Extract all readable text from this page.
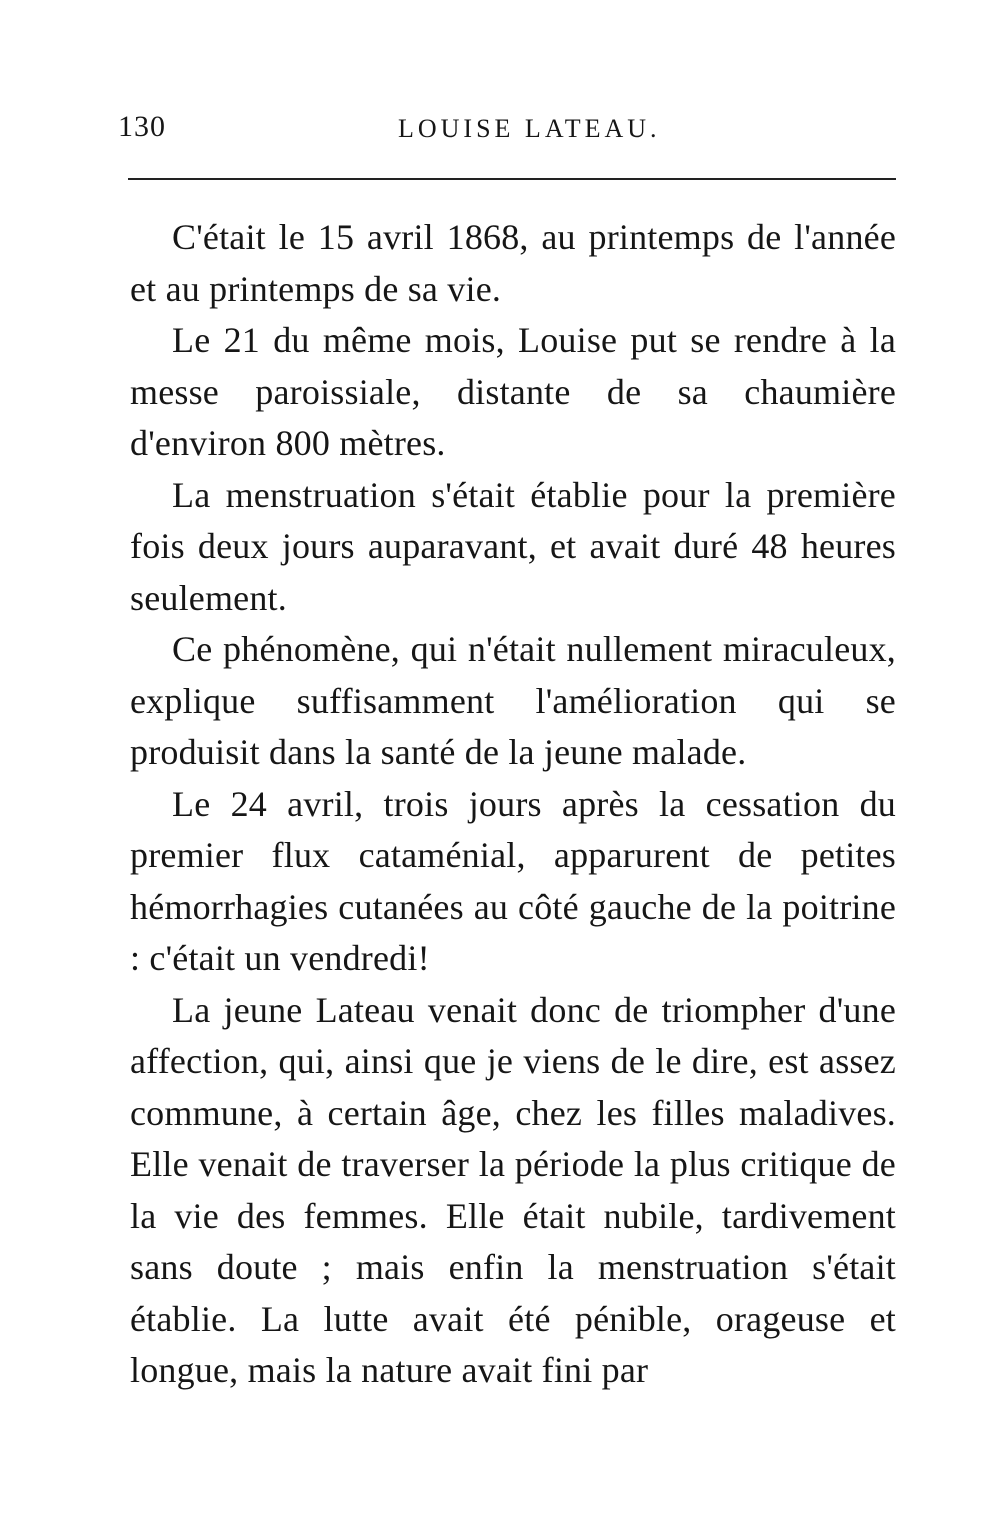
130	LOUISE LATEAU.

C'était le 15 avril 1868, au printemps de l'année et au printemps de sa vie.

Le 21 du même mois, Louise put se rendre à la messe paroissiale, distante de sa chaumière d'environ 800 mètres.

La menstruation s'était établie pour la première fois deux jours auparavant, et avait duré 48 heures seulement.

Ce phénomène, qui n'était nullement miraculeux, explique suffisamment l'amélioration qui se produisit dans la santé de la jeune malade.

Le 24 avril, trois jours après la cessation du premier flux cataménial, apparurent de petites hémorrhagies cutanées au côté gauche de la poitrine : c'était un vendredi!

La jeune Lateau venait donc de triompher d'une affection, qui, ainsi que je viens de le dire, est assez commune, à certain âge, chez les filles maladives. Elle venait de traverser la période la plus critique de la vie des femmes. Elle était nubile, tardivement sans doute ; mais enfin la menstruation s'était établie. La lutte avait été pénible, orageuse et longue, mais la nature avait fini par
